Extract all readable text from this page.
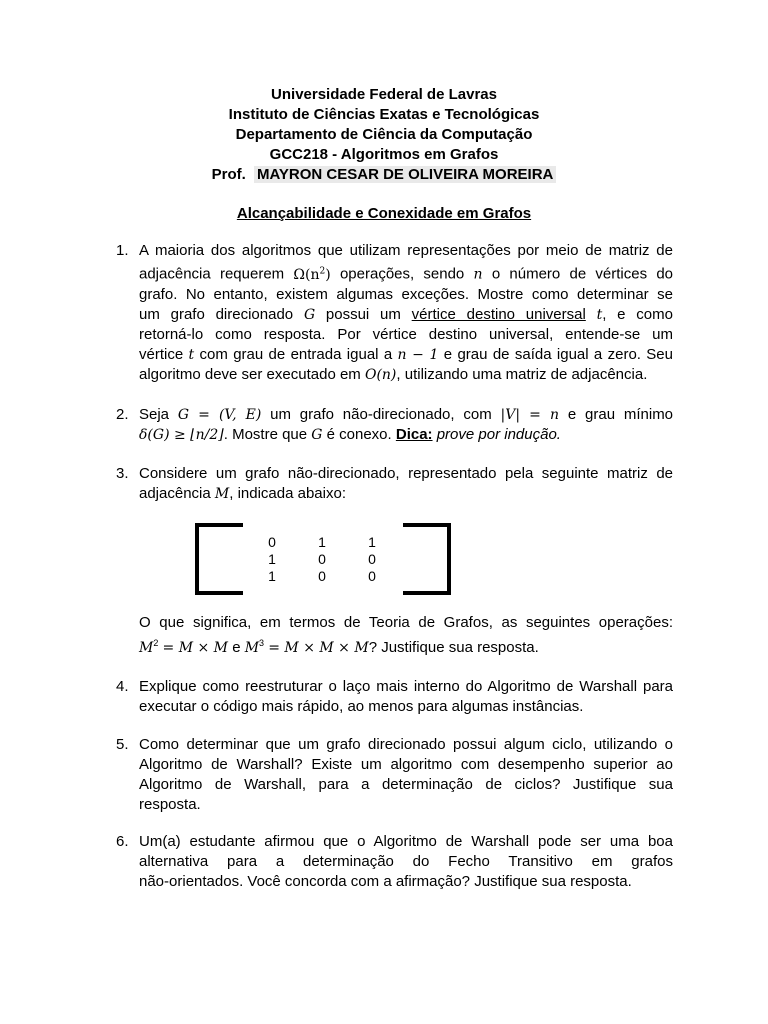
Universidade Federal de Lavras
Instituto de Ciências Exatas e Tecnológicas
Departamento de Ciência da Computação
GCC218 - Algoritmos em Grafos
Prof. MAYRON CESAR DE OLIVEIRA MOREIRA
Alcançabilidade e Conexidade em Grafos
1. A maioria dos algoritmos que utilizam representações por meio de matriz de
adjacência requerem $\Omega(n^2)$ operações, sendo n o número de vértices do
grafo. No entanto, existem algumas exceções. Mostre como determinar se
um grafo direcionado G possui um vértice destino universal t, e como
retorná-lo como resposta. Por vértice destino universal, entende-se um
vértice t com grau de entrada igual a n − 1 e grau de saída igual a zero. Seu
algoritmo deve ser executado em O(n), utilizando uma matriz de adjacência.
2. Seja G = (V, E) um grafo não-direcionado, com |V| = n e grau mínimo
δ(G) ≥ ⌊n/2⌋. Mostre que G é conexo. Dica: prove por indução.
3. Considere um grafo não-direcionado, representado pela seguinte matriz de
adjacência M, indicada abaixo:
0	1	1
1	0	0
1	0	0
O que significa, em termos de Teoria de Grafos, as seguintes operações:
$M^2 = M \times M$ e $M^3 = M \times M \times M$? Justifique sua resposta.
4. Explique como reestruturar o laço mais interno do Algoritmo de Warshall para
executar o código mais rápido, ao menos para algumas instâncias.
5. Como determinar que um grafo direcionado possui algum ciclo, utilizando o
Algoritmo de Warshall? Existe um algoritmo com desempenho superior ao
Algoritmo de Warshall, para a determinação de ciclos? Justifique sua
resposta.
6. Um(a) estudante afirmou que o Algoritmo de Warshall pode ser uma boa
alternativa para a determinação do Fecho Transitivo em grafos
não-orientados. Você concorda com a afirmação? Justifique sua resposta.
